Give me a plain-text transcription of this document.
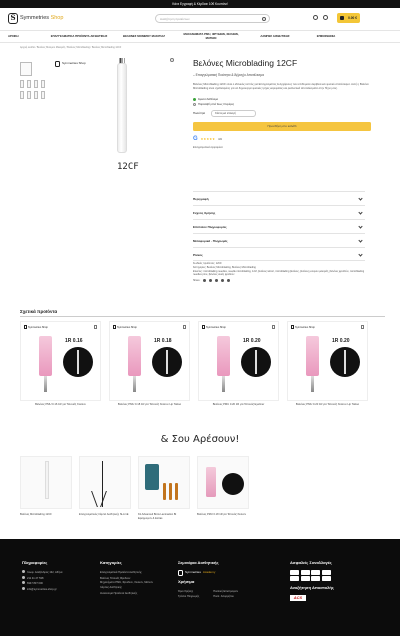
Κάνε Εγγραφή & Κέρδισε 10€ Κουπόνι!
S Symmetries Shop	Αναζήτηση προϊόντων	0.00 €
ΑΡΧΙΚΗ	ΕΠΑΓΓΕΛΜΑΤΙΚΑ ΠΡΟΪΟΝΤΑ ΑΙΣΘΗΤΙΚΗΣ	ΒΕΛΟΝΕΣ ΜΟΝΙΜΟΥ ΜΑΚΙΓΙΑΖ	ΜΗΧΑΝΗΜΑΤΑ PMU, ΦΡΥΔΙΩΝ, ΧΕΙΛΙΩΝ, ΜΑΤΙΩΝ	ΛΑΜΠΕΣ ΑΙΣΘΗΤΙΚΗΣ	ΕΠΙΚΟΙΝΩΝΙΑ
Αρχική σελίδα / Βελόνες Μονίμου Μακιγιάζ / Βελόνες Microblading / Βελόνες Microblading 12CF
Symmetries Shop
12CF
Βελόνες Microblading 12CF
– Επαγγελματική Ποιότητα & Ά(ψογ)ο Αποτέλεσμα
Βελόνες Microblading 12CF είναι ο ιδανικός λεπτός για Επαγγελματίες & Αρχάριους που επιθυμούν ακρίβεια και φυσικό αποτέλεσμα. Αυτή η Βελόνα Microblading είναι σχεδιασμένη για να δημιουργεί φυσικές τρίχες κορυφαίας και ρεαλιστικά αποτελέσματα στην Τέχνη σας.
Άμεσα διαθέσιμο
Παραλαβή από Έως 3 Ημέρες
Ποσότητα	Κάντε μια επιλογή
Προσθήκη στο καλάθι
G ★★★★★ 4.9
Επαγγελματικά αγοραμένα
Περιγραφή
Συχνός Χρήσης
Επιπλέον Πληροφορίες
Μεταφορικά - Πληρωμές
Ρίσκος
Κωδικός προϊόντος: 12CF
Κατηγορίες: Βελόνες Microblading, Βελόνες Microblading
Ετικέτες: microblading needles, needle microblading, 12cf, βελόνες tebori, microblading βελόνες, βελόνες μονίμου μακιγιάζ, βελόνες φρυδιών, microblading needles pmu, βελόνες σκιάς φρυδιών
Share:
Σχετικά προϊόντα
Symmetries Shop
1R 0.16
Βελόνες PMU 0.16 1R για Τατουάζ Χειλιών
Symmetries Shop
1R 0.18
Βελόνες PMU 0.18 1R για Τατουάζ Χειλιών Lip Tattoo
Symmetries Shop
1R 0.20
Βελόνες PMU 0.20 1R για Τατουάζ Eyeliner
Symmetries Shop
1R 0.20
Βελόνες PMU 0.20 1R για Τατουάζ Χειλιών Lip Tattoo
& Σου Αρέσουν!
Βελόνες Microblading 12CF	Επαγγελματικός Λάμπα Αισθητικής SLA 1E	Kit Advanced Brow Lamination Bi Εφαρμογών & Extras
Βελόνες PMU 0.18 1R για Τατουάζ Χειλιών
Πληροφορίες
Λεωφ. Αλεξάνδρας 132, Αθήνα
211 41 27 538
6947 837 000
info@symmetries-shop.gr
Κατηγορίες
Επαγγελματικά Προϊόντα Αισθητικής
Βελόνες Τατουάζ Φρυδιών
Μηχανήματα PMU, Φρυδιών, Χειλιών, Ματιών
Λάμπες Αισθητικής
Αναλώσιμα Προϊόντα Αισθητικής
Σεμινάρια Αισθητικής
Symmetries Academy
Χρήσιμα
Όροι Χρήσης
Τρόποι Πληρωμής
Πολιτική Επιστροφών
Πολιτ. Απορρήτου
Ασφαλείς Συναλλαγές
Αναζήτηση Αποστολής
ACS
